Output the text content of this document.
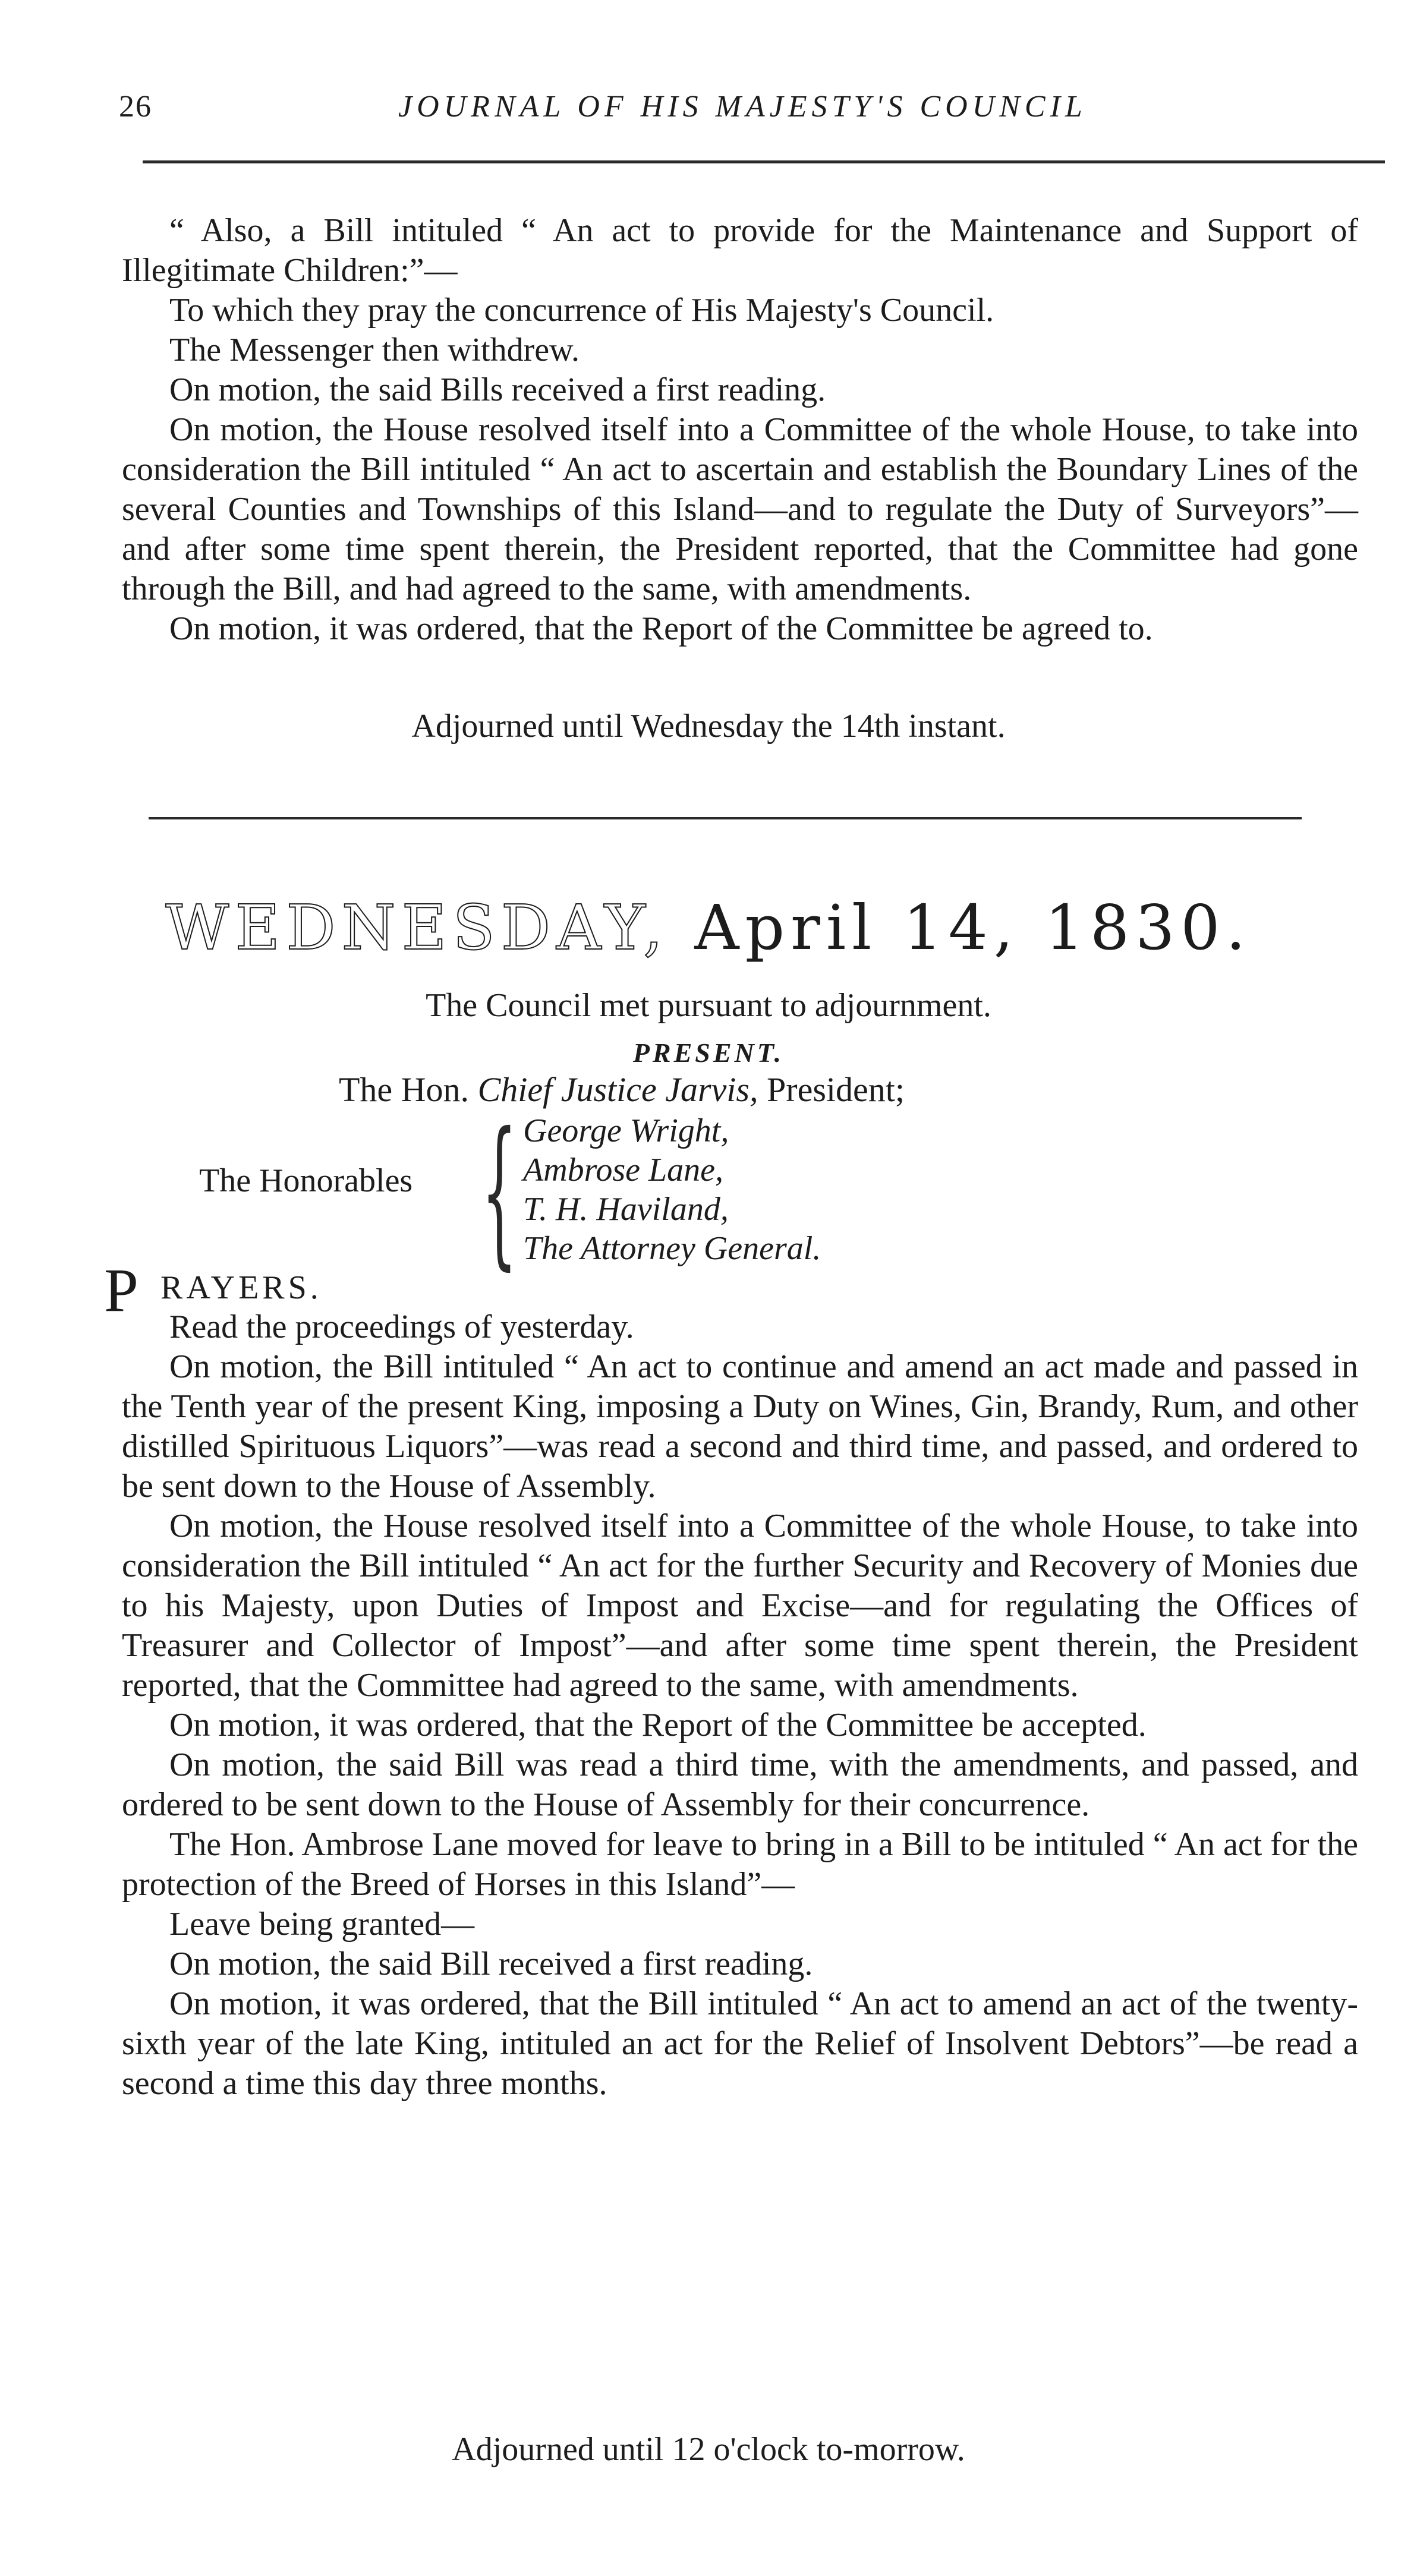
26	JOURNAL OF HIS MAJESTY'S COUNCIL

“ Also, a Bill intituled “ An act to provide for the Maintenance and Support of Illegitimate Children:”—

To which they pray the concurrence of His Majesty's Council.

The Messenger then withdrew.

On motion, the said Bills received a first reading.

On motion, the House resolved itself into a Committee of the whole House, to take into consideration the Bill intituled “ An act to ascertain and establish the Boundary Lines of the several Counties and Townships of this Island—and to regulate the Duty of Surveyors”—and after some time spent therein, the President reported, that the Committee had gone through the Bill, and had agreed to the same, with amendments.

On motion, it was ordered, that the Report of the Committee be agreed to.

Adjourned until Wednesday the 14th instant.
WEDNESDAY, April 14, 1830.
The Council met pursuant to adjournment.
PRESENT.
The Hon. Chief Justice Jarvis, President;
The Honorables { George Wright,
Ambrose Lane,
T. H. Haviland,
The Attorney General.
P RAYERS.

Read the proceedings of yesterday.

On motion, the Bill intituled “ An act to continue and amend an act made and passed in the Tenth year of the present King, imposing a Duty on Wines, Gin, Brandy, Rum, and other distilled Spirituous Liquors”—was read a second and third time, and passed, and ordered to be sent down to the House of Assembly.

On motion, the House resolved itself into a Committee of the whole House, to take into consideration the Bill intituled “ An act for the further Security and Recovery of Monies due to his Majesty, upon Duties of Impost and Excise—and for regulating the Offices of Treasurer and Collector of Impost”—and after some time spent therein, the President reported, that the Committee had agreed to the same, with amendments.

On motion, it was ordered, that the Report of the Committee be accepted.

On motion, the said Bill was read a third time, with the amendments, and passed, and ordered to be sent down to the House of Assembly for their concurrence.

The Hon. Ambrose Lane moved for leave to bring in a Bill to be intituled “ An act for the protection of the Breed of Horses in this Island”—

Leave being granted—

On motion, the said Bill received a first reading.

On motion, it was ordered, that the Bill intituled “ An act to amend an act of the twenty-sixth year of the late King, intituled an act for the Relief of Insolvent Debtors”—be read a second a time this day three months.

Adjourned until 12 o'clock to-morrow.
